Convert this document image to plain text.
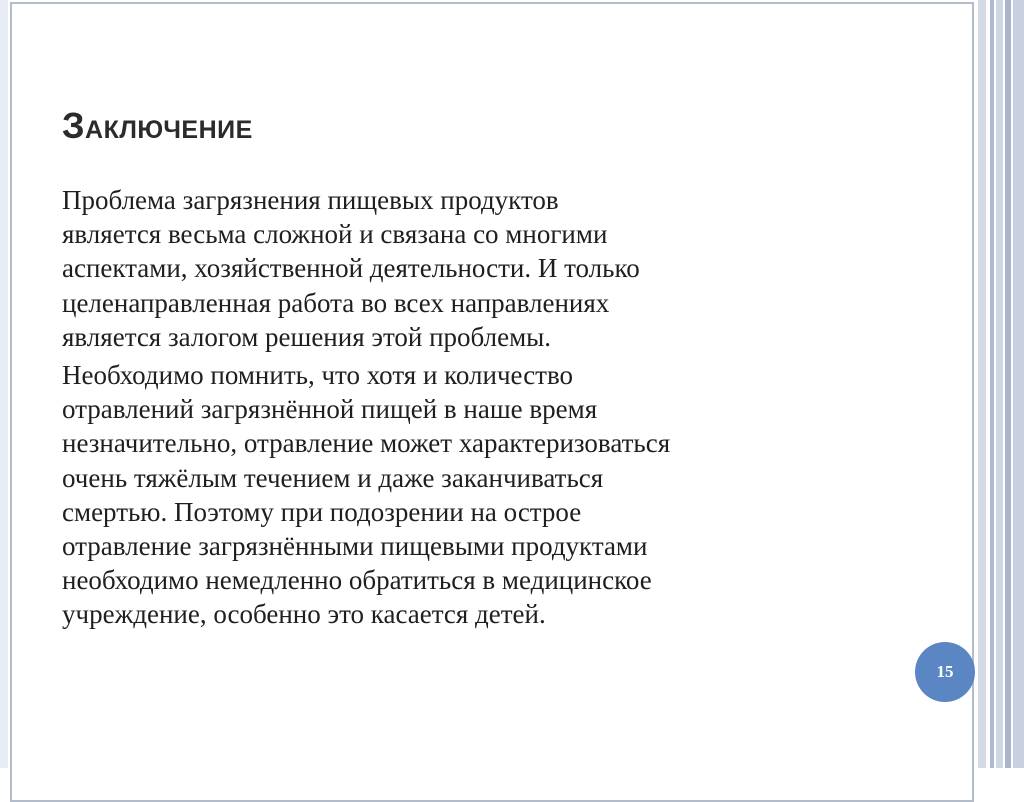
Заключение

Проблема загрязнения пищевых продуктов
является весьма сложной и связана со многими
аспектами, хозяйственной деятельности. И только
целенаправленная работа во всех направлениях
является залогом решения этой проблемы.

Необходимо помнить, что хотя и количество
отравлений загрязнённой пищей в наше время
незначительно, отравление может характеризоваться
очень тяжёлым течением и даже заканчиваться
смертью. Поэтому при подозрении на острое
отравление загрязнёнными пищевыми продуктами
необходимо немедленно обратиться в медицинское
учреждение, особенно это касается детей.

15
